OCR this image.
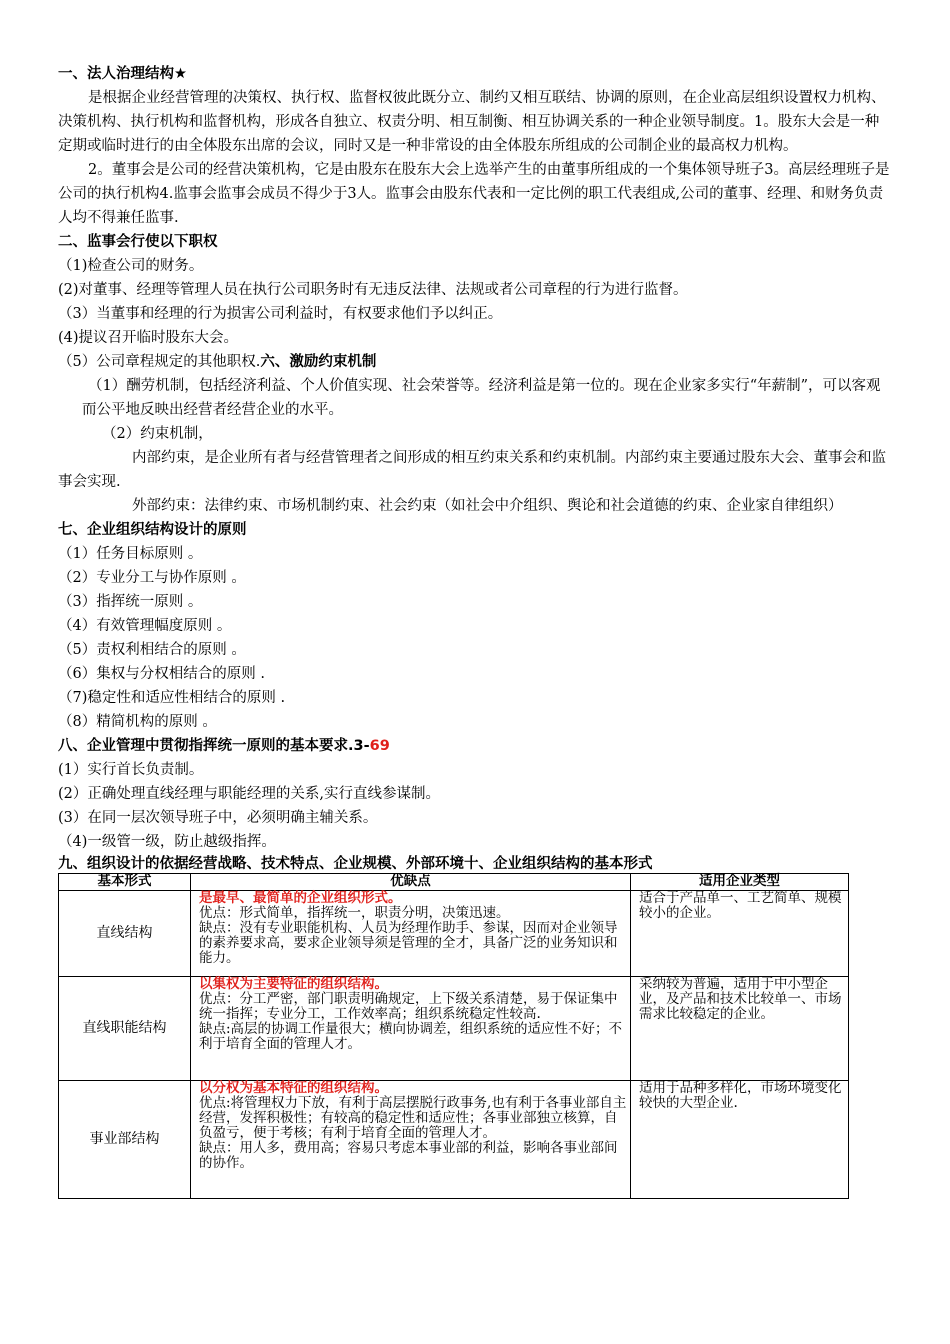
一、法人治理结构★

是根据企业经营管理的决策权、执行权、监督权彼此既分立、制约又相互联结、协调的原则，在企业高层组织设置权力机构、决策机构、执行机构和监督机构，形成各自独立、权责分明、相互制衡、相互协调关系的一种企业领导制度。1。股东大会是一种定期或临时进行的由全体股东出席的会议，同时又是一种非常设的由全体股东所组成的公司制企业的最高权力机构。

2。董事会是公司的经营决策机构，它是由股东在股东大会上选举产生的由董事所组成的一个集体领导班子3。高层经理班子是公司的执行机构4.监事会监事会成员不得少于3人。监事会由股东代表和一定比例的职工代表组成,公司的董事、经理、和财务负责人均不得兼任监事.

二、监事会行使以下职权

（1)检查公司的财务。

(2)对董事、经理等管理人员在执行公司职务时有无违反法律、法规或者公司章程的行为进行监督。

（3）当董事和经理的行为损害公司利益时，有权要求他们予以纠正。

(4)提议召开临时股东大会。

（5）公司章程规定的其他职权.六、激励约束机制

（1）酬劳机制，包括经济利益、个人价值实现、社会荣誉等。经济利益是第一位的。现在企业家多实行“年薪制”，可以客观而公平地反映出经营者经营企业的水平。

（2）约束机制，

内部约束，是企业所有者与经营管理者之间形成的相互约束关系和约束机制。内部约束主要通过股东大会、董事会和监事会实现.

外部约束：法律约束、市场机制约束、社会约束（如社会中介组织、舆论和社会道德的约束、企业家自律组织）

七、企业组织结构设计的原则

（1）任务目标原则 。

（2）专业分工与协作原则 。

（3）指挥统一原则 。

（4）有效管理幅度原则 。

（5）责权利相结合的原则 。

（6）集权与分权相结合的原则 .

（7)稳定性和适应性相结合的原则 .

（8）精简机构的原则 。

八、企业管理中贯彻指挥统一原则的基本要求.3-69

(1）实行首长负责制。

(2）正确处理直线经理与职能经理的关系,实行直线参谋制。

(3）在同一层次领导班子中，必须明确主辅关系。

（4)一级管一级，防止越级指挥。

九、组织设计的依据经营战略、技术特点、企业规模、外部环境十、企业组织结构的基本形式

基本形式	优缺点	适用企业类型
直线结构	是最早、最简单的企业组织形式。
优点：形式简单，指挥统一，职责分明，决策迅速。
缺点：没有专业职能机构、人员为经理作助手、参谋，因而对企业领导的素养要求高，要求企业领导须是管理的全才，具备广泛的业务知识和能力。	适合于产品单一、工艺简单、规模较小的企业。
直线职能结构	以集权为主要特征的组织结构。
优点：分工严密，部门职责明确规定，上下级关系清楚，易于保证集中统一指挥；专业分工，工作效率高；组织系统稳定性较高.
缺点:高层的协调工作量很大；横向协调差，组织系统的适应性不好；不利于培育全面的管理人才。	采纳较为普遍，适用于中小型企业，及产品和技术比较单一、市场需求比较稳定的企业。
事业部结构	以分权为基本特征的组织结构。
优点:将管理权力下放，有利于高层摆脱行政事务,也有利于各事业部自主经营，发挥积极性；有较高的稳定性和适应性；各事业部独立核算，自负盈亏，便于考核；有利于培育全面的管理人才。
缺点：用人多，费用高；容易只考虑本事业部的利益，影响各事业部间的协作。	适用于品种多样化，市场环境变化较快的大型企业.
